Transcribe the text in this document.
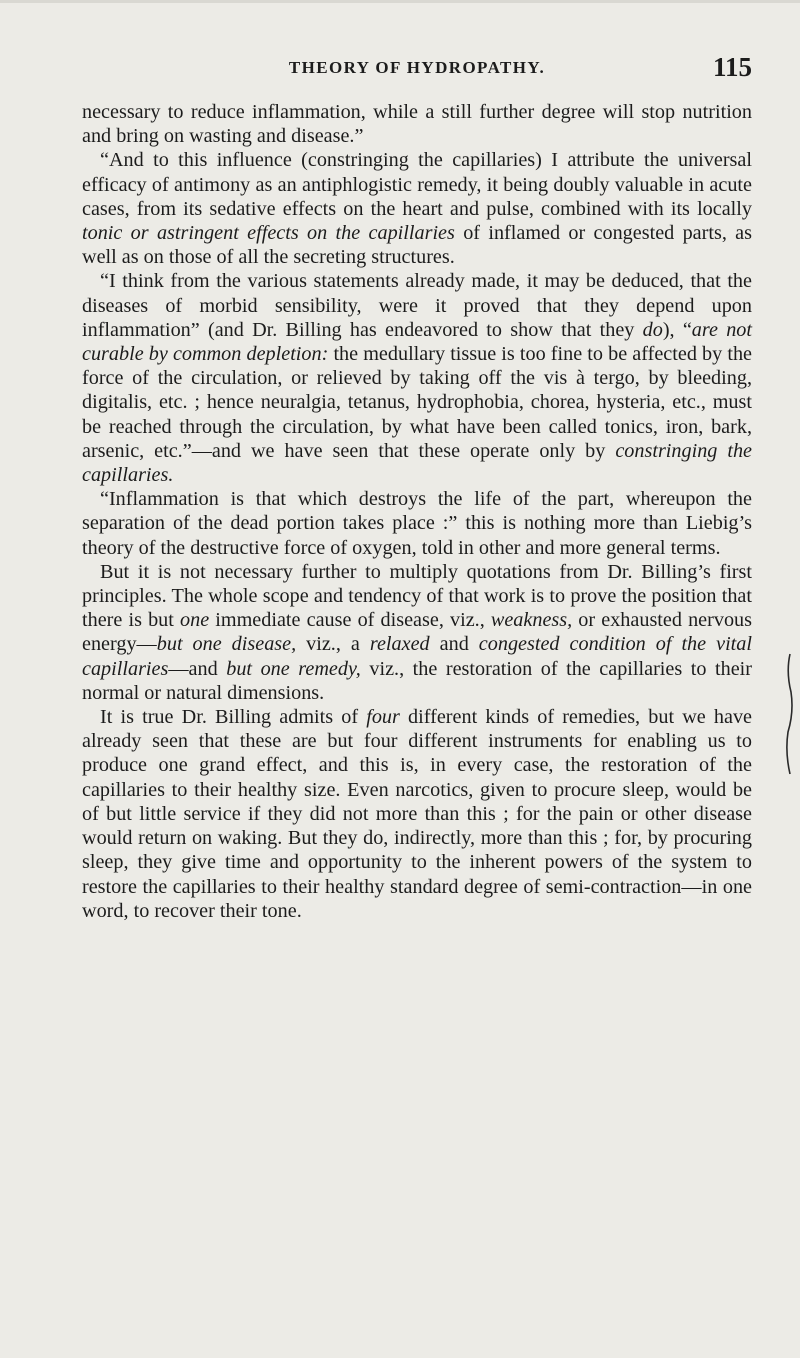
THEORY OF HYDROPATHY.	115

necessary to reduce inflammation, while a still further degree will stop nutrition and bring on wasting and disease.”

“And to this influence (constringing the capillaries) I attribute the universal efficacy of antimony as an antiphlogistic remedy, it being doubly valuable in acute cases, from its sedative effects on the heart and pulse, combined with its locally tonic or astringent effects on the capillaries of inflamed or congested parts, as well as on those of all the secreting structures.

“I think from the various statements already made, it may be deduced, that the diseases of morbid sensibility, were it proved that they depend upon inflammation” (and Dr. Billing has endeavored to show that they do), “are not curable by common depletion: the medullary tissue is too fine to be affected by the force of the circulation, or relieved by taking off the vis à tergo, by bleeding, digitalis, etc. ; hence neuralgia, tetanus, hydrophobia, chorea, hysteria, etc., must be reached through the circulation, by what have been called tonics, iron, bark, arsenic, etc.”—and we have seen that these operate only by constringing the capillaries.

“Inflammation is that which destroys the life of the part, whereupon the separation of the dead portion takes place :” this is nothing more than Liebig’s theory of the destructive force of oxygen, told in other and more general terms.

But it is not necessary further to multiply quotations from Dr. Billing’s first principles. The whole scope and tendency of that work is to prove the position that there is but one immediate cause of disease, viz., weakness, or exhausted nervous energy—but one disease, viz., a relaxed and congested condition of the vital capillaries—and but one remedy, viz., the restoration of the capillaries to their normal or natural dimensions.

It is true Dr. Billing admits of four different kinds of remedies, but we have already seen that these are but four different instruments for enabling us to produce one grand effect, and this is, in every case, the restoration of the capillaries to their healthy size. Even narcotics, given to procure sleep, would be of but little service if they did not more than this ; for the pain or other disease would return on waking. But they do, indirectly, more than this ; for, by procuring sleep, they give time and opportunity to the inherent powers of the system to restore the capillaries to their healthy standard degree of semi-contraction—in one word, to recover their tone.
